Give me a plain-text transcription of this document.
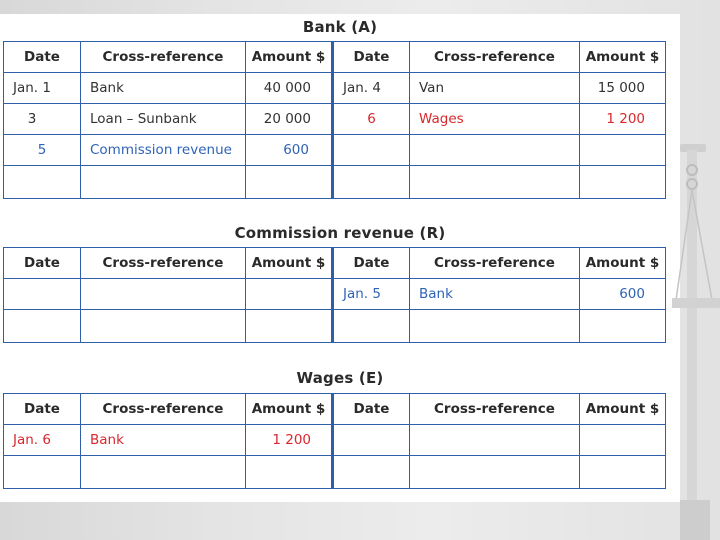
Bank (A)
Date	Cross-reference	Amount $	Date	Cross-reference	Amount $
Jan. 1	Bank	40 000	Jan. 4	Van	15 000
3	Loan – Sunbank	20 000	6	Wages	1 200
5	Commission revenue	600			

Commission revenue (R)
Date	Cross-reference	Amount $	Date	Cross-reference	Amount $
			Jan. 5	Bank	600

Wages (E)
Date	Cross-reference	Amount $	Date	Cross-reference	Amount $
Jan. 6	Bank	1 200			
